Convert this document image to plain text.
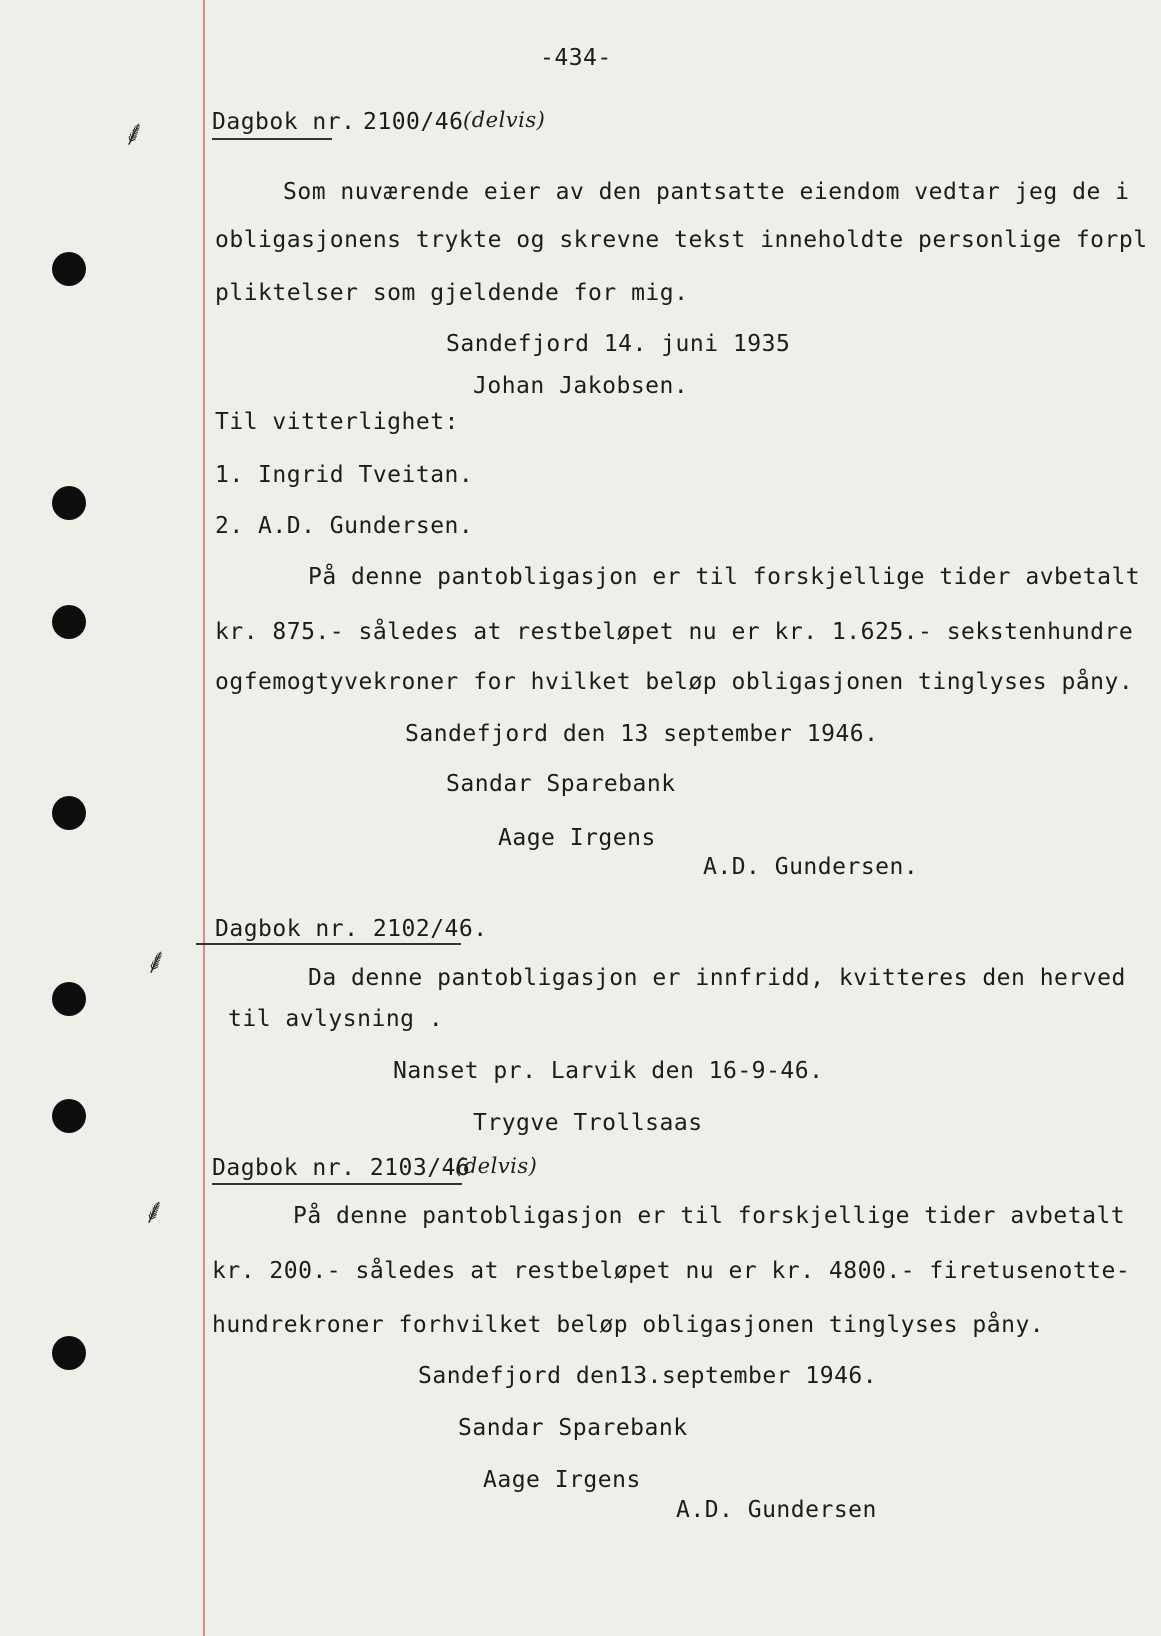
⸙
⸙
⸙
-434-
Dagbok nr. 2100/46 (delvis)
Som nuværende eier av den pantsatte eiendom vedtar jeg de i
obligasjonens trykte og skrevne tekst inneholdte personlige forpl
pliktelser som gjeldende for mig.
Sandefjord 14. juni 1935
Johan Jakobsen.
Til vitterlighet:
1. Ingrid Tveitan.
2. A.D. Gundersen.
På denne pantobligasjon er til forskjellige tider avbetalt
kr. 875.- således at restbeløpet nu er kr. 1.625.- sekstenhundre
ogfemogtyvekroner for hvilket beløp obligasjonen tinglyses påny.
Sandefjord den 13 september 1946.
Sandar Sparebank
Aage Irgens
A.D. Gundersen.
Dagbok nr. 2102/46.
Da denne pantobligasjon er innfridd, kvitteres den herved
til avlysning .
Nanset pr. Larvik den 16-9-46.
Trygve Trollsaas
Dagbok nr. 2103/46
(delvis)
På denne pantobligasjon er til forskjellige tider avbetalt
kr. 200.- således at restbeløpet nu er kr. 4800.- firetusenotte-
hundrekroner forhvilket beløp obligasjonen tinglyses påny.
Sandefjord den13.september 1946.
Sandar Sparebank
Aage Irgens
A.D. Gundersen
